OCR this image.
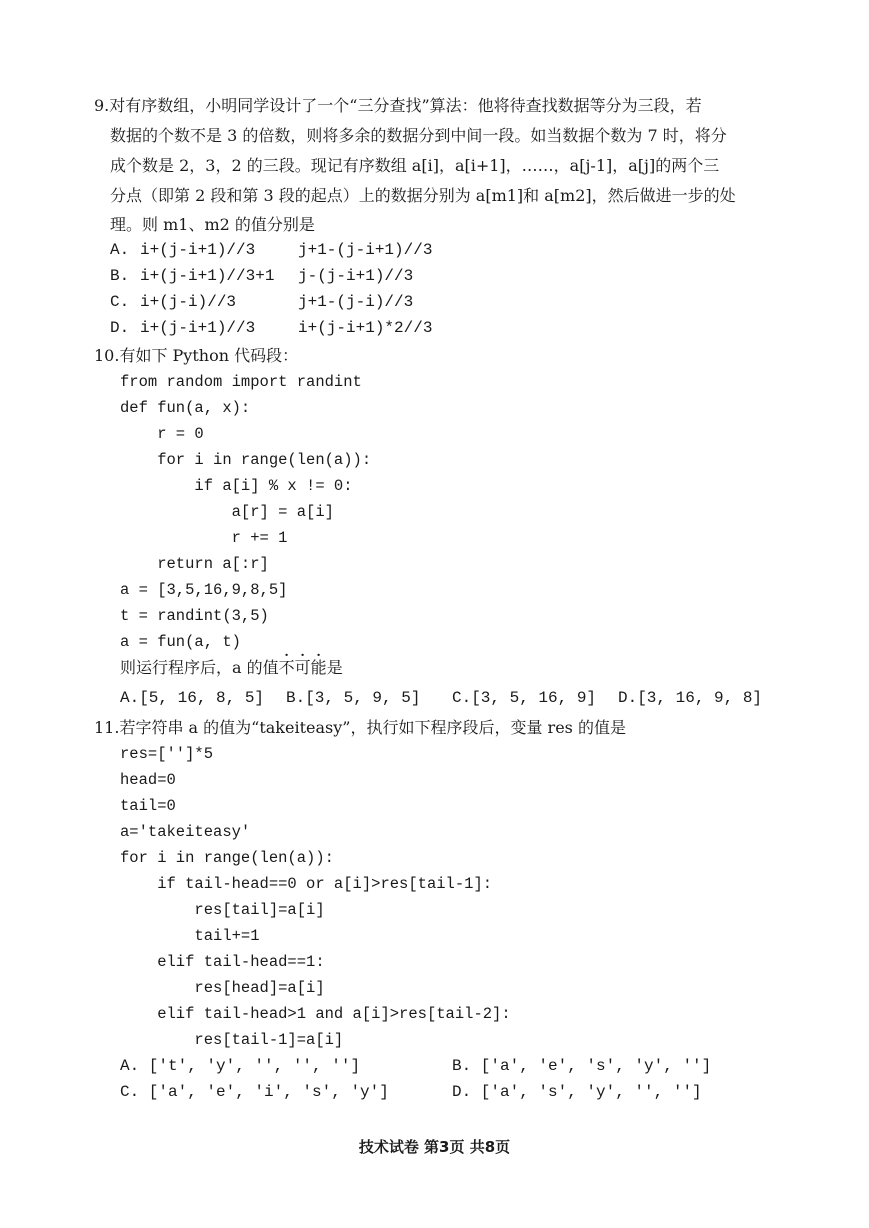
9.对有序数组，小明同学设计了一个“三分查找”算法：他将待查找数据等分为三段，若
数据的个数不是 3 的倍数，则将多余的数据分到中间一段。如当数据个数为 7 时，将分
成个数是 2，3，2 的三段。现记有序数组 a[i]，a[i+1]，……，a[j-1]，a[j]的两个三
分点（即第 2 段和第 3 段的起点）上的数据分别为 a[m1]和 a[m2]，然后做进一步的处
理。则 m1、m2 的值分别是
A. i+(j-i+1)//3	j+1-(j-i+1)//3
B. i+(j-i+1)//3+1 j-(j-i+1)//3
C. i+(j-i)//3	j+1-(j-i)//3
D. i+(j-i+1)//3	i+(j-i+1)*2//3
10.有如下 Python 代码段：
from random import randint
def fun(a, x):
r = 0
for i in range(len(a)):
if a[i] % x != 0:
a[r] = a[i]
r += 1
return a[:r]
a = [3,5,16,9,8,5]
t = randint(3,5)
a = fun(a, t)
则运行程序后，a 的值不可能是
A.[5, 16, 8, 5] B.[3, 5, 9, 5] C.[3, 5, 16, 9] D.[3, 16, 9, 8]
11.若字符串 a 的值为“takeiteasy”，执行如下程序段后，变量 res 的值是
res=['']*5
head=0
tail=0
a='takeiteasy'
for i in range(len(a)):
if tail-head==0 or a[i]>res[tail-1]:
res[tail]=a[i]
tail+=1
elif tail-head==1:
res[head]=a[i]
elif tail-head>1 and a[i]>res[tail-2]:
res[tail-1]=a[i]
A. ['t', 'y', '', '', '']	B. ['a', 'e', 's', 'y', '']
C. ['a', 'e', 'i', 's', 'y']	D. ['a', 's', 'y', '', '']
技术试卷 第3页 共8页
